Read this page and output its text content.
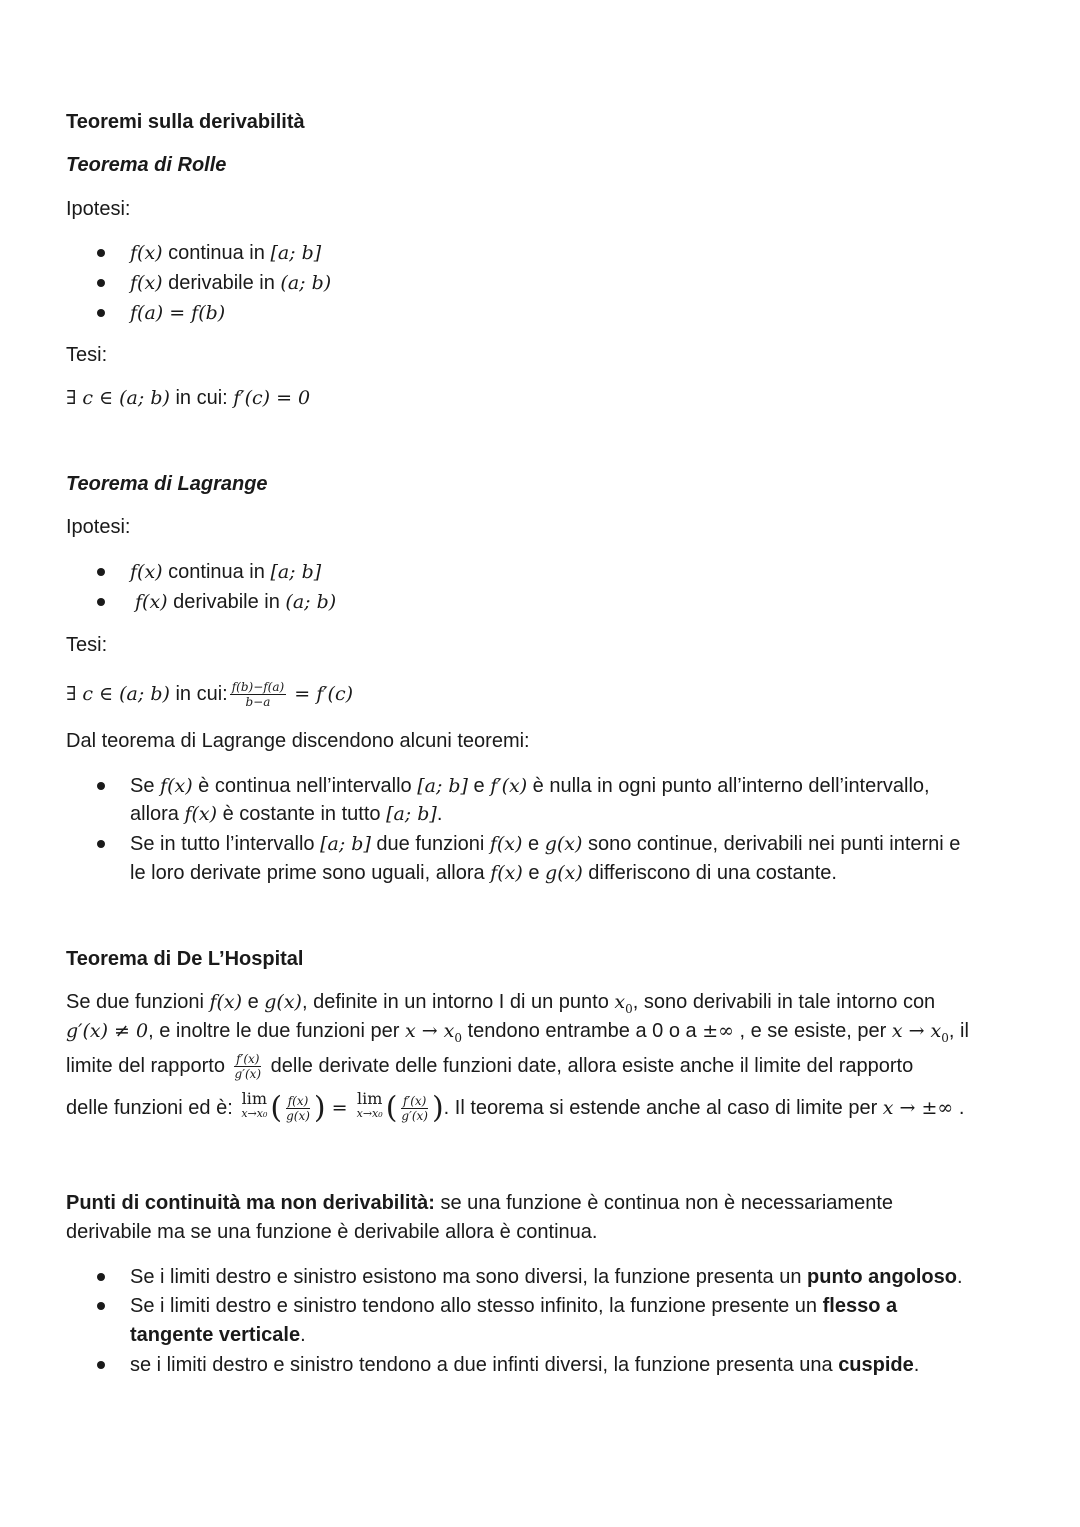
Teoremi sulla derivabilità
Teorema di Rolle
Ipotesi:
f(x) continua in [a; b]
f(x) derivabile in (a; b)
f(a) = f(b)
Tesi:
∃ c ∈ (a; b) in cui: f′(c) = 0
Teorema di Lagrange
Ipotesi:
f(x) continua in [a; b]
f(x) derivabile in (a; b)
Tesi:
∃ c ∈ (a; b) in cui: $\frac{f(b)-f(a)}{b-a} = f'(c)$
Dal teorema di Lagrange discendono alcuni teoremi:
Se f(x) è continua nell’intervallo [a; b] e f′(x) è nulla in ogni punto all’interno dell’intervallo,
allora f(x) è costante in tutto [a; b].
Se in tutto l’intervallo [a; b] due funzioni f(x) e g(x) sono continue, derivabili nei punti interni e
le loro derivate prime sono uguali, allora f(x) e g(x) differiscono di una costante.
Teorema di De L’Hospital
Se due funzioni f(x) e g(x), definite in un intorno I di un punto $x_0$, sono derivabili in tale intorno con
g′(x) ≠ 0, e inoltre le due funzioni per $x \to x_0$ tendono entrambe a 0 o a ±∞ , e se esiste, per $x \to x_0$, il
limite del rapporto $\frac{f'(x)}{g'(x)}$ delle derivate delle funzioni date, allora esiste anche il limite del rapporto
delle funzioni ed è: lim
x→x₀ ( $\frac{f(x)}{g(x)}$ ) = lim
x→x₀ ( $\frac{f'(x)}{g'(x)}$ ). Il teorema si estende anche al caso di limite per x → ±∞ .
Punti di continuità ma non derivabilità: se una funzione è continua non è necessariamente
derivabile ma se una funzione è derivabile allora è continua.
Se i limiti destro e sinistro esistono ma sono diversi, la funzione presenta un punto angoloso.
Se i limiti destro e sinistro tendono allo stesso infinito, la funzione presente un flesso a
tangente verticale.
se i limiti destro e sinistro tendono a due infinti diversi, la funzione presenta una cuspide.
